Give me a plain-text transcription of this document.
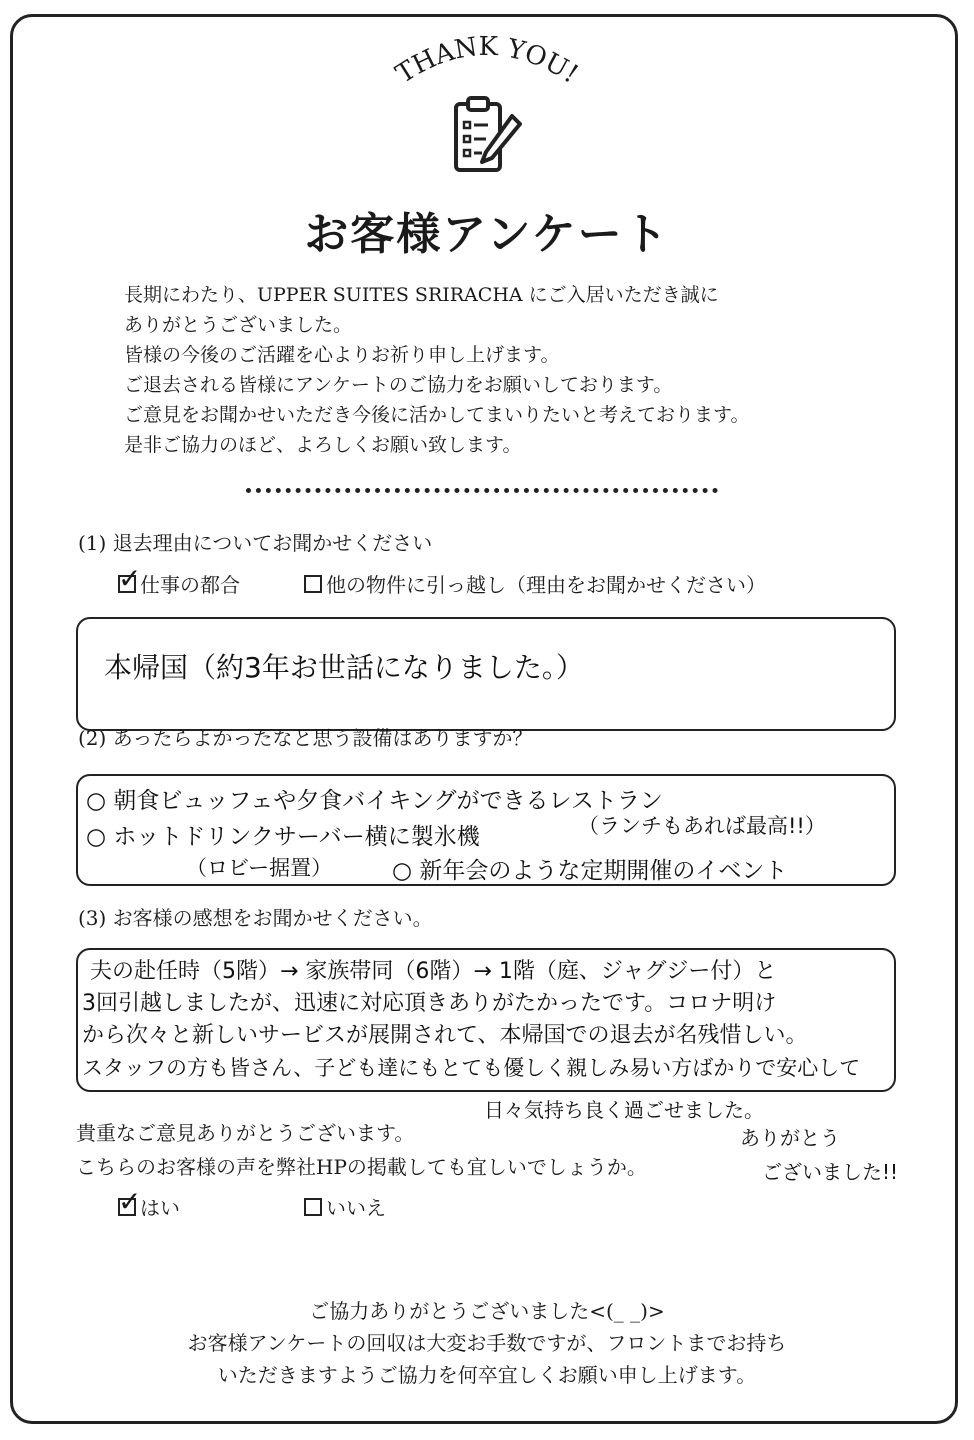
THANK YOU!
お客様アンケート

長期にわたり、UPPER SUITES SRIRACHA にご入居いただき誠に

ありがとうございました。

皆様の今後のご活躍を心よりお祈り申し上げます。

ご退去される皆様にアンケートのご協力をお願いしております。

ご意見をお聞かせいただき今後に活かしてまいりたいと考えております。

是非ご協力のほど、よろしくお願い致します。

(1) 退去理由についてお聞かせください
✓
仕事の都合	他の物件に引っ越し（理由をお聞かせください）
本帰国（約3年お世話になりました。）
(2) あったらよかったなと思う設備はありますか？
○ 朝食ビュッフェや夕食バイキングができるレストラン
（ランチもあれば最高!!）
○ ホットドリンクサーバー横に製氷機
（ロビー据置）	○ 新年会のような定期開催のイベント
(3) お客様の感想をお聞かせください。
夫の赴任時（5階）→ 家族帯同（6階）→ 1階（庭、ジャグジー付）と
3回引越しましたが、迅速に対応頂きありがたかったです。コロナ明け
から次々と新しいサービスが展開されて、本帰国での退去が名残惜しい。
スタッフの方も皆さん、子ども達にもとても優しく親しみ易い方ばかりで安心して
日々気持ち良く過ごせました。
ありがとう
ございました!!
貴重なご意見ありがとうございます。
こちらのお客様の声を弊社HPの掲載しても宜しいでしょうか。
✓
はい	いいえ
ご協力ありがとうございました<(_ _)>
お客様アンケートの回収は大変お手数ですが、フロントまでお持ち
いただきますようご協力を何卒宜しくお願い申し上げます。
